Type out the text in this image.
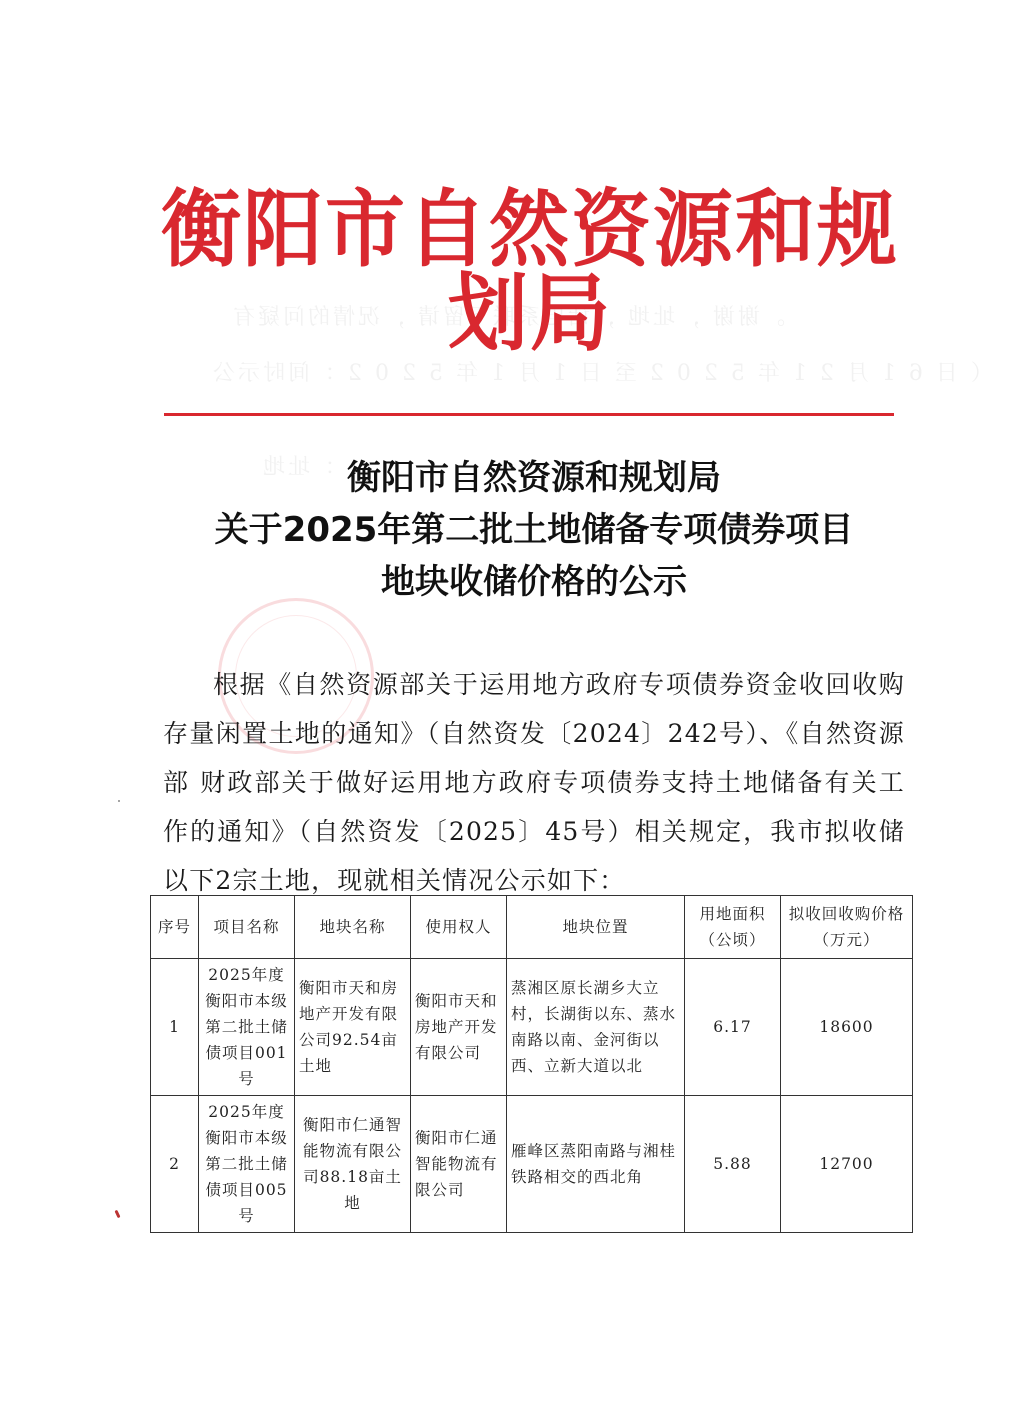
。谢谢 ，址地 ，话电系联下留请 ，况情的问疑有
（ 日 6 1 月 2 1 年 5 2 0 2 至 日 1 月 1 年 5 2 0 2 ：间时示公
：址地
衡阳市自然资源和规划局
衡阳市自然资源和规划局
关于2025年第二批土地储备专项债券项目
地块收储价格的公示
根据《自然资源部关于运用地方政府专项债券资金收回收购存量闲置土地的通知》（自然资发〔2024〕242号）、《自然资源部 财政部关于做好运用地方政府专项债券支持土地储备有关工作的通知》（自然资发〔2025〕45号）相关规定，我市拟收储以下2宗土地，现就相关情况公示如下：
序号	项目名称	地块名称	使用权人	地块位置	用地面积（公顷）	拟收回收购价格（万元）
1	2025年度衡阳市本级第二批土储债项目001号	衡阳市天和房地产开发有限公司92.54亩土地	衡阳市天和房地产开发有限公司	蒸湘区原长湖乡大立村，长湖街以东、蒸水南路以南、金河街以西、立新大道以北	6.17	18600
2	2025年度衡阳市本级第二批土储债项目005号	衡阳市仁通智能物流有限公司88.18亩土地	衡阳市仁通智能物流有限公司	雁峰区蒸阳南路与湘桂铁路相交的西北角	5.88	12700
